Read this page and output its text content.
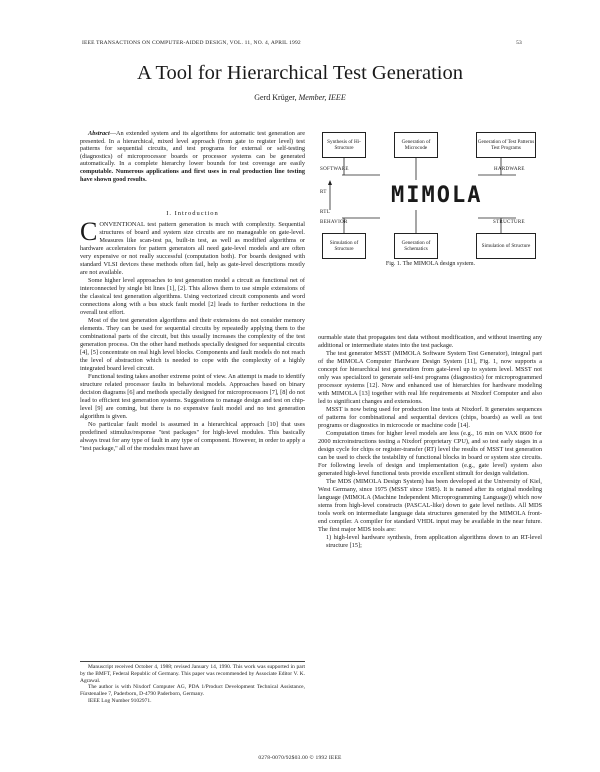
IEEE TRANSACTIONS ON COMPUTER-AIDED DESIGN, VOL. 11, NO. 4, APRIL 1992	53
A Tool for Hierarchical Test Generation
Gerd Krüger, Member, IEEE

Abstract—An extended system and its algorithms for automatic test generation are presented. In a hierarchical, mixed level approach (from gate to register level) test patterns for sequential circuits, and test programs for external or self-testing (diagnostics) of microprocessor boards or processor systems can be generated automatically. In a complete hierarchy lower bounds for test coverage are easily computable. Numerous applications and first uses in real production line testing have shown good results.

I. Introduction

CONVENTIONAL test pattern generation is much with complexity. Sequential structures of board and system size circuits are no manageable on gate-level. Measures like scan-test pa, built-in test, as well as modified algorithms or hardware accelerators for pattern generators all need gate-level models and are often very expensive or not really successful (computation both). For boards designed with standard VLSI devices these methods often fail, help as gate-level descriptions mostly are not available.

Some higher level approaches to test generation model a circuit as functional net of interconnected by single bit lines [1], [2]. This allows them to use simple extensions of the classical test generation algorithms. Using vectorized circuit components and word connections along with a bus stuck fault model [2] leads to further reductions in the overall test effort.

Most of the test generation algorithms and their extensions do not consider memory elements. They can be used for sequential circuits by repeatedly applying them to the combinational parts of the circuit, but this usually increases the complexity of the test generation process. On the other hand methods specially designed for sequential circuits [4], [5] concentrate on real high level blocks. Components and fault models do not reach the level of abstraction which is needed to cope with the complexity of a highly integrated board level circuit.

Functional testing takes another extreme point of view. An attempt is made to identify structure related processor faults in behavioral models. Approaches based on binary decision diagrams [6] and methods specially designed for microprocessors [7], [8] do not lead to efficient test generation systems. Suggestions to manage design and test on chip-level [9] are coming, but there is no expensive fault model and no test generation algorithm is given.

No particular fault model is assumed in a hierarchical approach [10] that uses predefined stimulus/response "test packages" for high-level modules. This basically always treat for any type of fault in any type of component. However, in order to apply a "test package," all of the modules must have an

Manuscript received October 4, 1988; revised January 14, 1990. This work was supported in part by the BMFT, Federal Republic of Germany. This paper was recommended by Associate Editor V. K. Agrawal.

The author is with Nixdorf Computer AG, PDA 1/Product Development Technical Assistance, Fürstenallee 7, Paderborn, D-4790 Paderborn, Germany.

IEEE Log Number 9102971.

Synthesis of Hi-Structure
Generation of Microcode
Generation of Test Patterns Test Programs
SOFTWARE	HARDWARE
RT
RTL
MIMOLA
BEHAVIOR	STRUCTURE
Simulation of Structure
Generation of Schematics	Simulation of Structure
Fig. 1. The MIMOLA design system.

ourmable state that propagates test data without modification, and without inserting any additional or intermediate states into the test package.

The test generator MSST (MIMOLA Software System Test Generator), integral part of the MIMOLA Computer Hardware Design System [11], Fig. 1, now supports a concept for hierarchical test generation from gate-level up to system level. MSST not only was specialized to generate self-test programs (diagnostics) for microprogrammed processor systems [12]. Now and enhanced use of hierarchies for hardware modeling with MIMOLA [13] together with real life requirements at Nixdorf Computer and also led to significant changes and extensions.

MSST is now being used for production line tests at Nixdorf. It generates sequences of patterns for combinational and sequential devices (chips, boards) as well as test programs or diagnostics in microcode or machine code [14].

Computation times for higher level models are less (e.g., 16 min on VAX 8600 for 2000 microinstructions testing a Nixdorf proprietary CPU), and so test early stages in a design cycle for chips or register-transfer (RT) level the results of MSST test generation can be used to check the testability of functional blocks in board or system size circuits. For following levels of design and implementation (e.g., gate level) system also generated high-level functional tests provide excellent stimuli for design validation.

The MDS (MIMOLA Design System) has been developed at the University of Kiel, West Germany, since 1975 (MSST since 1985). It is named after its original modeling language (MIMOLA (Machine Independent Microprogramming Language)) which now stems from high-level constructs (PASCAL-like) down to gate level netlists. All MDS tools work on intermediate language data structures generated by the MIMOLA front-end compiler. A compiler for standard VHDL input may be available in the near future. The first major MDS tools are:

1) high-level hardware synthesis, from application algorithms down to an RT-level structure [15];

0278-0070/92$03.00 © 1992 IEEE
